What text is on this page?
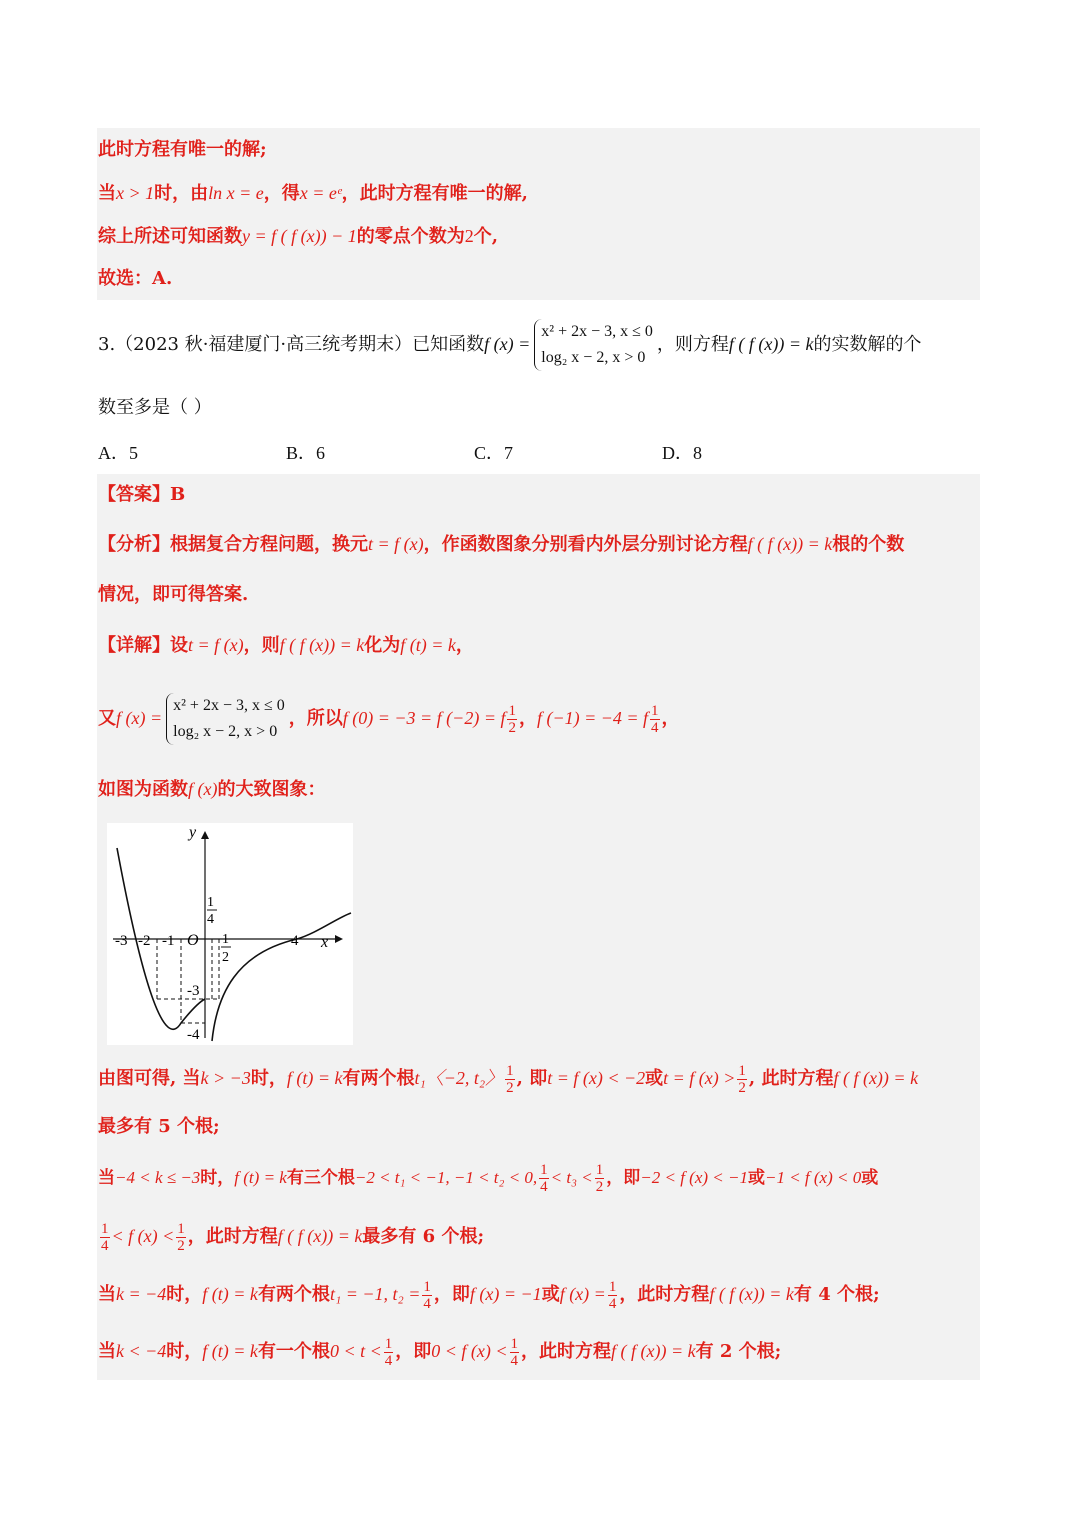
此时方程有唯一的解;
当x > 1时，由ln x = e，得x = eᵉ，此时方程有唯一的解,
综上所述可知函数y = f ( f (x)) − 1的零点个数为2个,
故选：A.
3.（2023 秋·福建厦门·高三统考期末）已知函数f (x) =
x² + 2x − 3, x ≤ 0
log₂ x − 2, x > 0
，则方程f ( f (x)) = k的实数解的个
数至多是（ ）
A．5	B．6	C．7	D．8
【答案】B
【分析】根据复合方程问题，换元t = f (x)，作函数图象分别看内外层分别讨论方程f ( f (x)) = k根的个数
情况，即可得答案.
【详解】设t = f (x)，则f ( f (x)) = k化为f (t) = k，
又f (x) =
x² + 2x − 3, x ≤ 0
log₂ x − 2, x > 0
，所以f (0) = −3 = f (−2) = f $\frac{1}{2}$ ，f (−1) = −4 = f $\frac{1}{4}$ ，
如图为函数f (x)的大致图象：
y
x
O
-3 -2 -1	4
1
4
1
2
-3
-4
由图可得, 当k > −3时，f (t) = k有两个根t₁〈−2, t₂〉 $\frac{1}{2}$ , 即t = f (x) < −2或t = f $(x) > \frac{1}{2}$ , 此时方程f ( f (x)) = k
最多有 5 个根;
当−4 < k ≤ −3时，f (t) = k有三个根−2 < t₁ < −1, −1 < t₂ < 0, $\frac{1}{4} < t_3 < \frac{1}{2}$ ，即−2 < f (x) < −1或−1 < f (x) < 0或
$\frac{1}{4} < f$ $(x) < \frac{1}{2}$ ，此时方程f ( f (x)) = k最多有 6 个根;
当k = −4时，f (t) = k有两个根t₁ = −1, $t_2 = \frac{1}{4}$ ，即f (x) = −1或f $(x) = \frac{1}{4}$ ，此时方程f ( f (x)) = k有 4 个根;
当k < −4时，f (t) = k有一个根$0 < t < \frac{1}{4}$ ，即0 < f $(x) < \frac{1}{4}$ ，此时方程f ( f (x)) = k有 2 个根;
